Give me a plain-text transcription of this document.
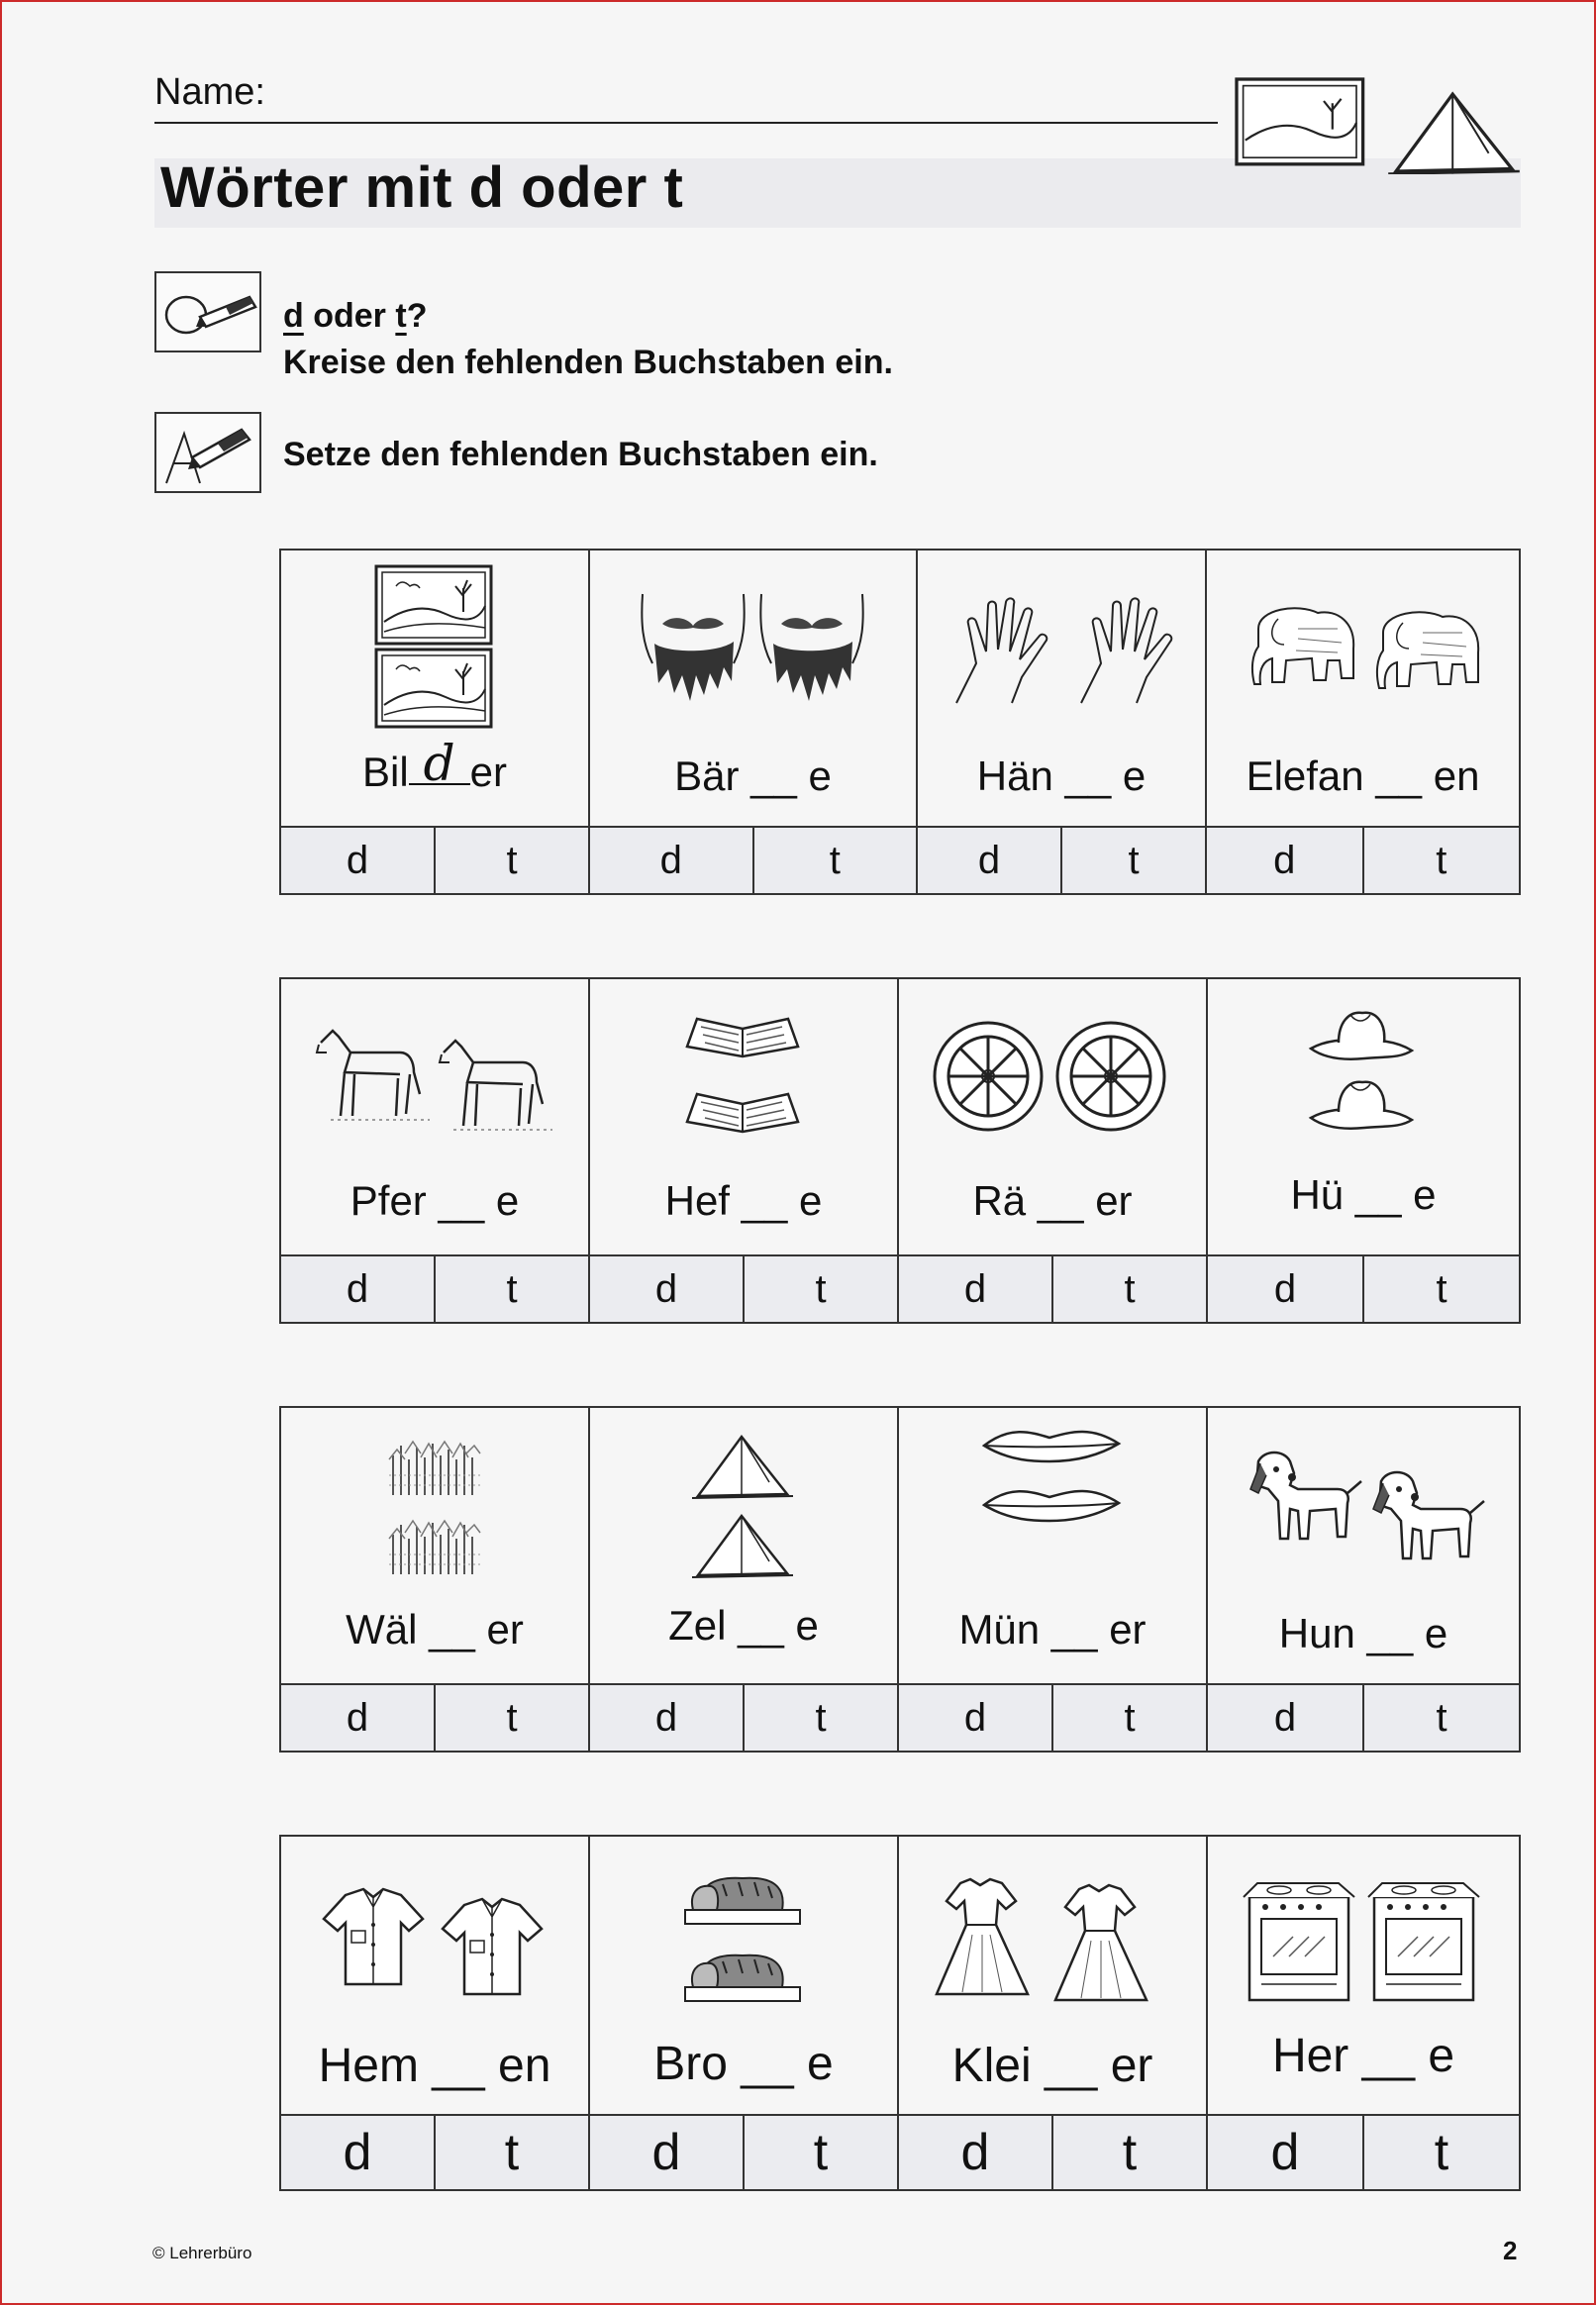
Name:
Wörter mit d oder t
d oder t?
Kreise den fehlenden Buchstaben ein.
Setze den fehlenden Buchstaben ein.
Bil d er
d	t
Bär __ e
d	t
Hän __ e
d	t
Elefan __ en
d	t
Pfer __ e
d	t
Hef __ e
d	t
Rä __ er
d	t
Hü __ e
d	t
Wäl __ er
d	t
Zel __ e
d	t
Mün __ er
d	t
Hun __ e
d	t
Hem __ en
d	t
Bro __ e
d	t
Klei __ er
d	t
Her __ e
d	t
© Lehrerbüro	2
